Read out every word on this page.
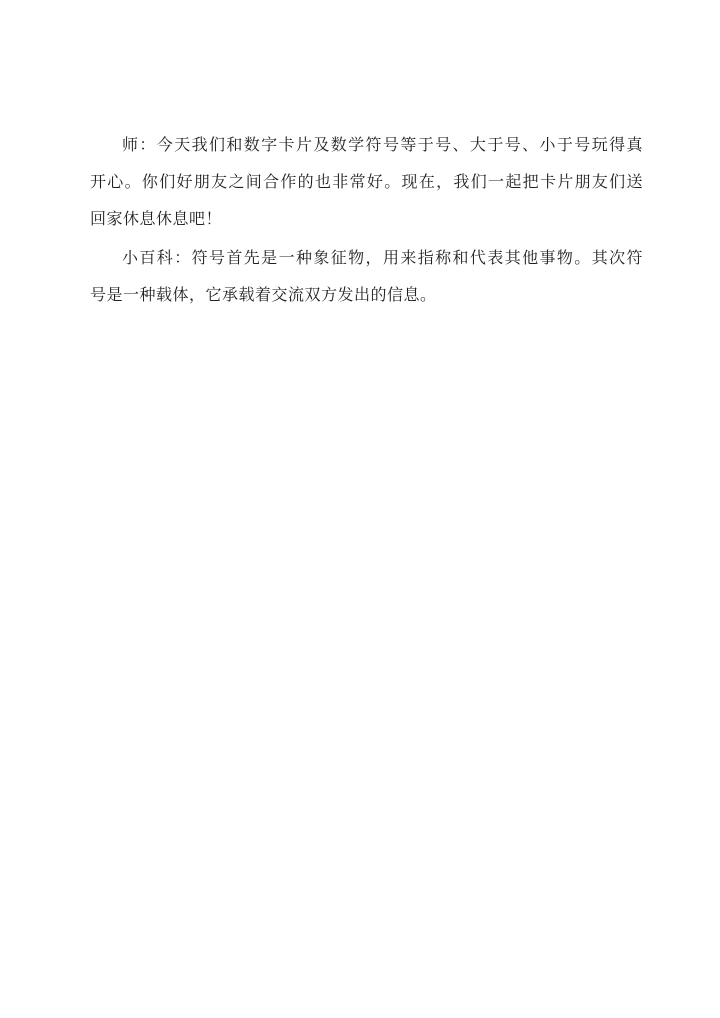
师：今天我们和数字卡片及数学符号等于号、大于号、小于号玩得真
开心。你们好朋友之间合作的也非常好。现在，我们一起把卡片朋友们送
回家休息休息吧！
小百科：符号首先是一种象征物，用来指称和代表其他事物。其次符
号是一种载体，它承载着交流双方发出的信息。
